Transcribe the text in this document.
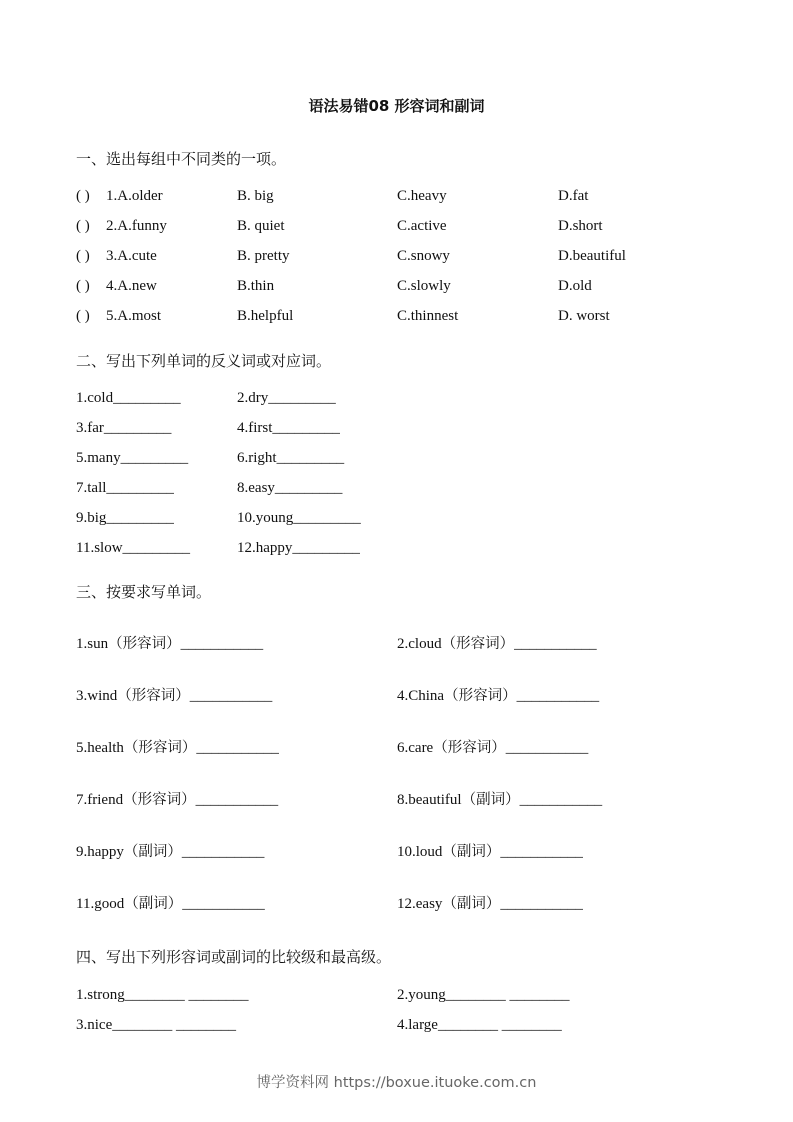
语法易错08 形容词和副词
一、选出每组中不同类的一项。
( ) 1.A.older	B. big	C.heavy	D.fat
( ) 2.A.funny	B. quiet	C.active	D.short
( ) 3.A.cute	B. pretty	C.snowy	D.beautiful
( ) 4.A.new	B.thin	C.slowly	D.old
( ) 5.A.most	B.helpful	C.thinnest	D. worst
二、写出下列单词的反义词或对应词。
1.cold_________	2.dry_________
3.far_________	4.first_________
5.many_________	6.right_________
7.tall_________	8.easy_________
9.big_________	10.young_________
11.slow_________	12.happy_________
三、按要求写单词。
1.sun（形容词）___________	2.cloud（形容词）___________
3.wind（形容词）___________	4.China（形容词）___________
5.health（形容词）___________	6.care（形容词）___________
7.friend（形容词）___________	8.beautiful（副词）___________
9.happy（副词）___________	10.loud（副词）___________
11.good（副词）___________	12.easy（副词）___________
四、写出下列形容词或副词的比较级和最高级。
1.strong________ ________	2.young________ ________
3.nice________ ________	4.large________ ________
博学资料网 https://boxue.ituoke.com.cn
